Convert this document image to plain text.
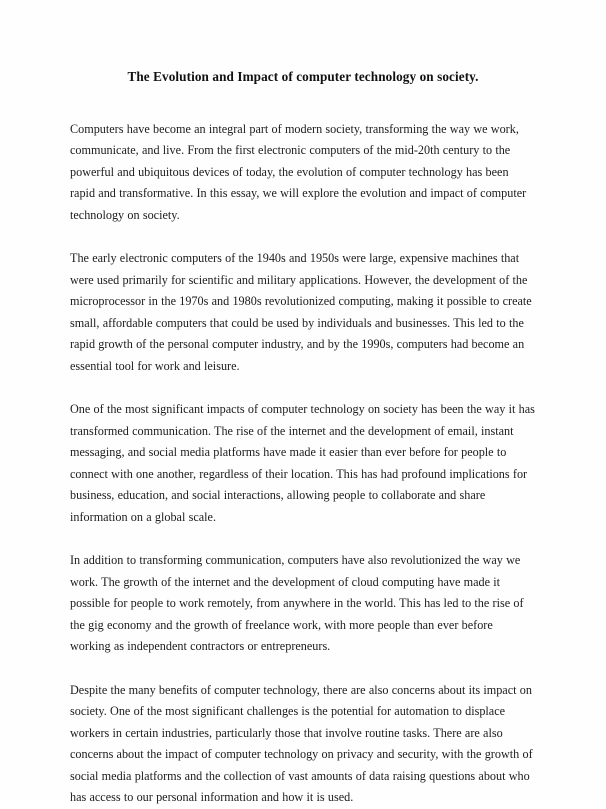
The Evolution and Impact of computer technology on society.

Computers have become an integral part of modern society, transforming the way we work, communicate, and live. From the first electronic computers of the mid-20th century to the powerful and ubiquitous devices of today, the evolution of computer technology has been rapid and transformative. In this essay, we will explore the evolution and impact of computer technology on society.

The early electronic computers of the 1940s and 1950s were large, expensive machines that were used primarily for scientific and military applications. However, the development of the microprocessor in the 1970s and 1980s revolutionized computing, making it possible to create small, affordable computers that could be used by individuals and businesses. This led to the rapid growth of the personal computer industry, and by the 1990s, computers had become an essential tool for work and leisure.

One of the most significant impacts of computer technology on society has been the way it has transformed communication. The rise of the internet and the development of email, instant messaging, and social media platforms have made it easier than ever before for people to connect with one another, regardless of their location. This has had profound implications for business, education, and social interactions, allowing people to collaborate and share information on a global scale.

In addition to transforming communication, computers have also revolutionized the way we work. The growth of the internet and the development of cloud computing have made it possible for people to work remotely, from anywhere in the world. This has led to the rise of the gig economy and the growth of freelance work, with more people than ever before working as independent contractors or entrepreneurs.

Despite the many benefits of computer technology, there are also concerns about its impact on society. One of the most significant challenges is the potential for automation to displace workers in certain industries, particularly those that involve routine tasks. There are also concerns about the impact of computer technology on privacy and security, with the growth of social media platforms and the collection of vast amounts of data raising questions about who has access to our personal information and how it is used.
